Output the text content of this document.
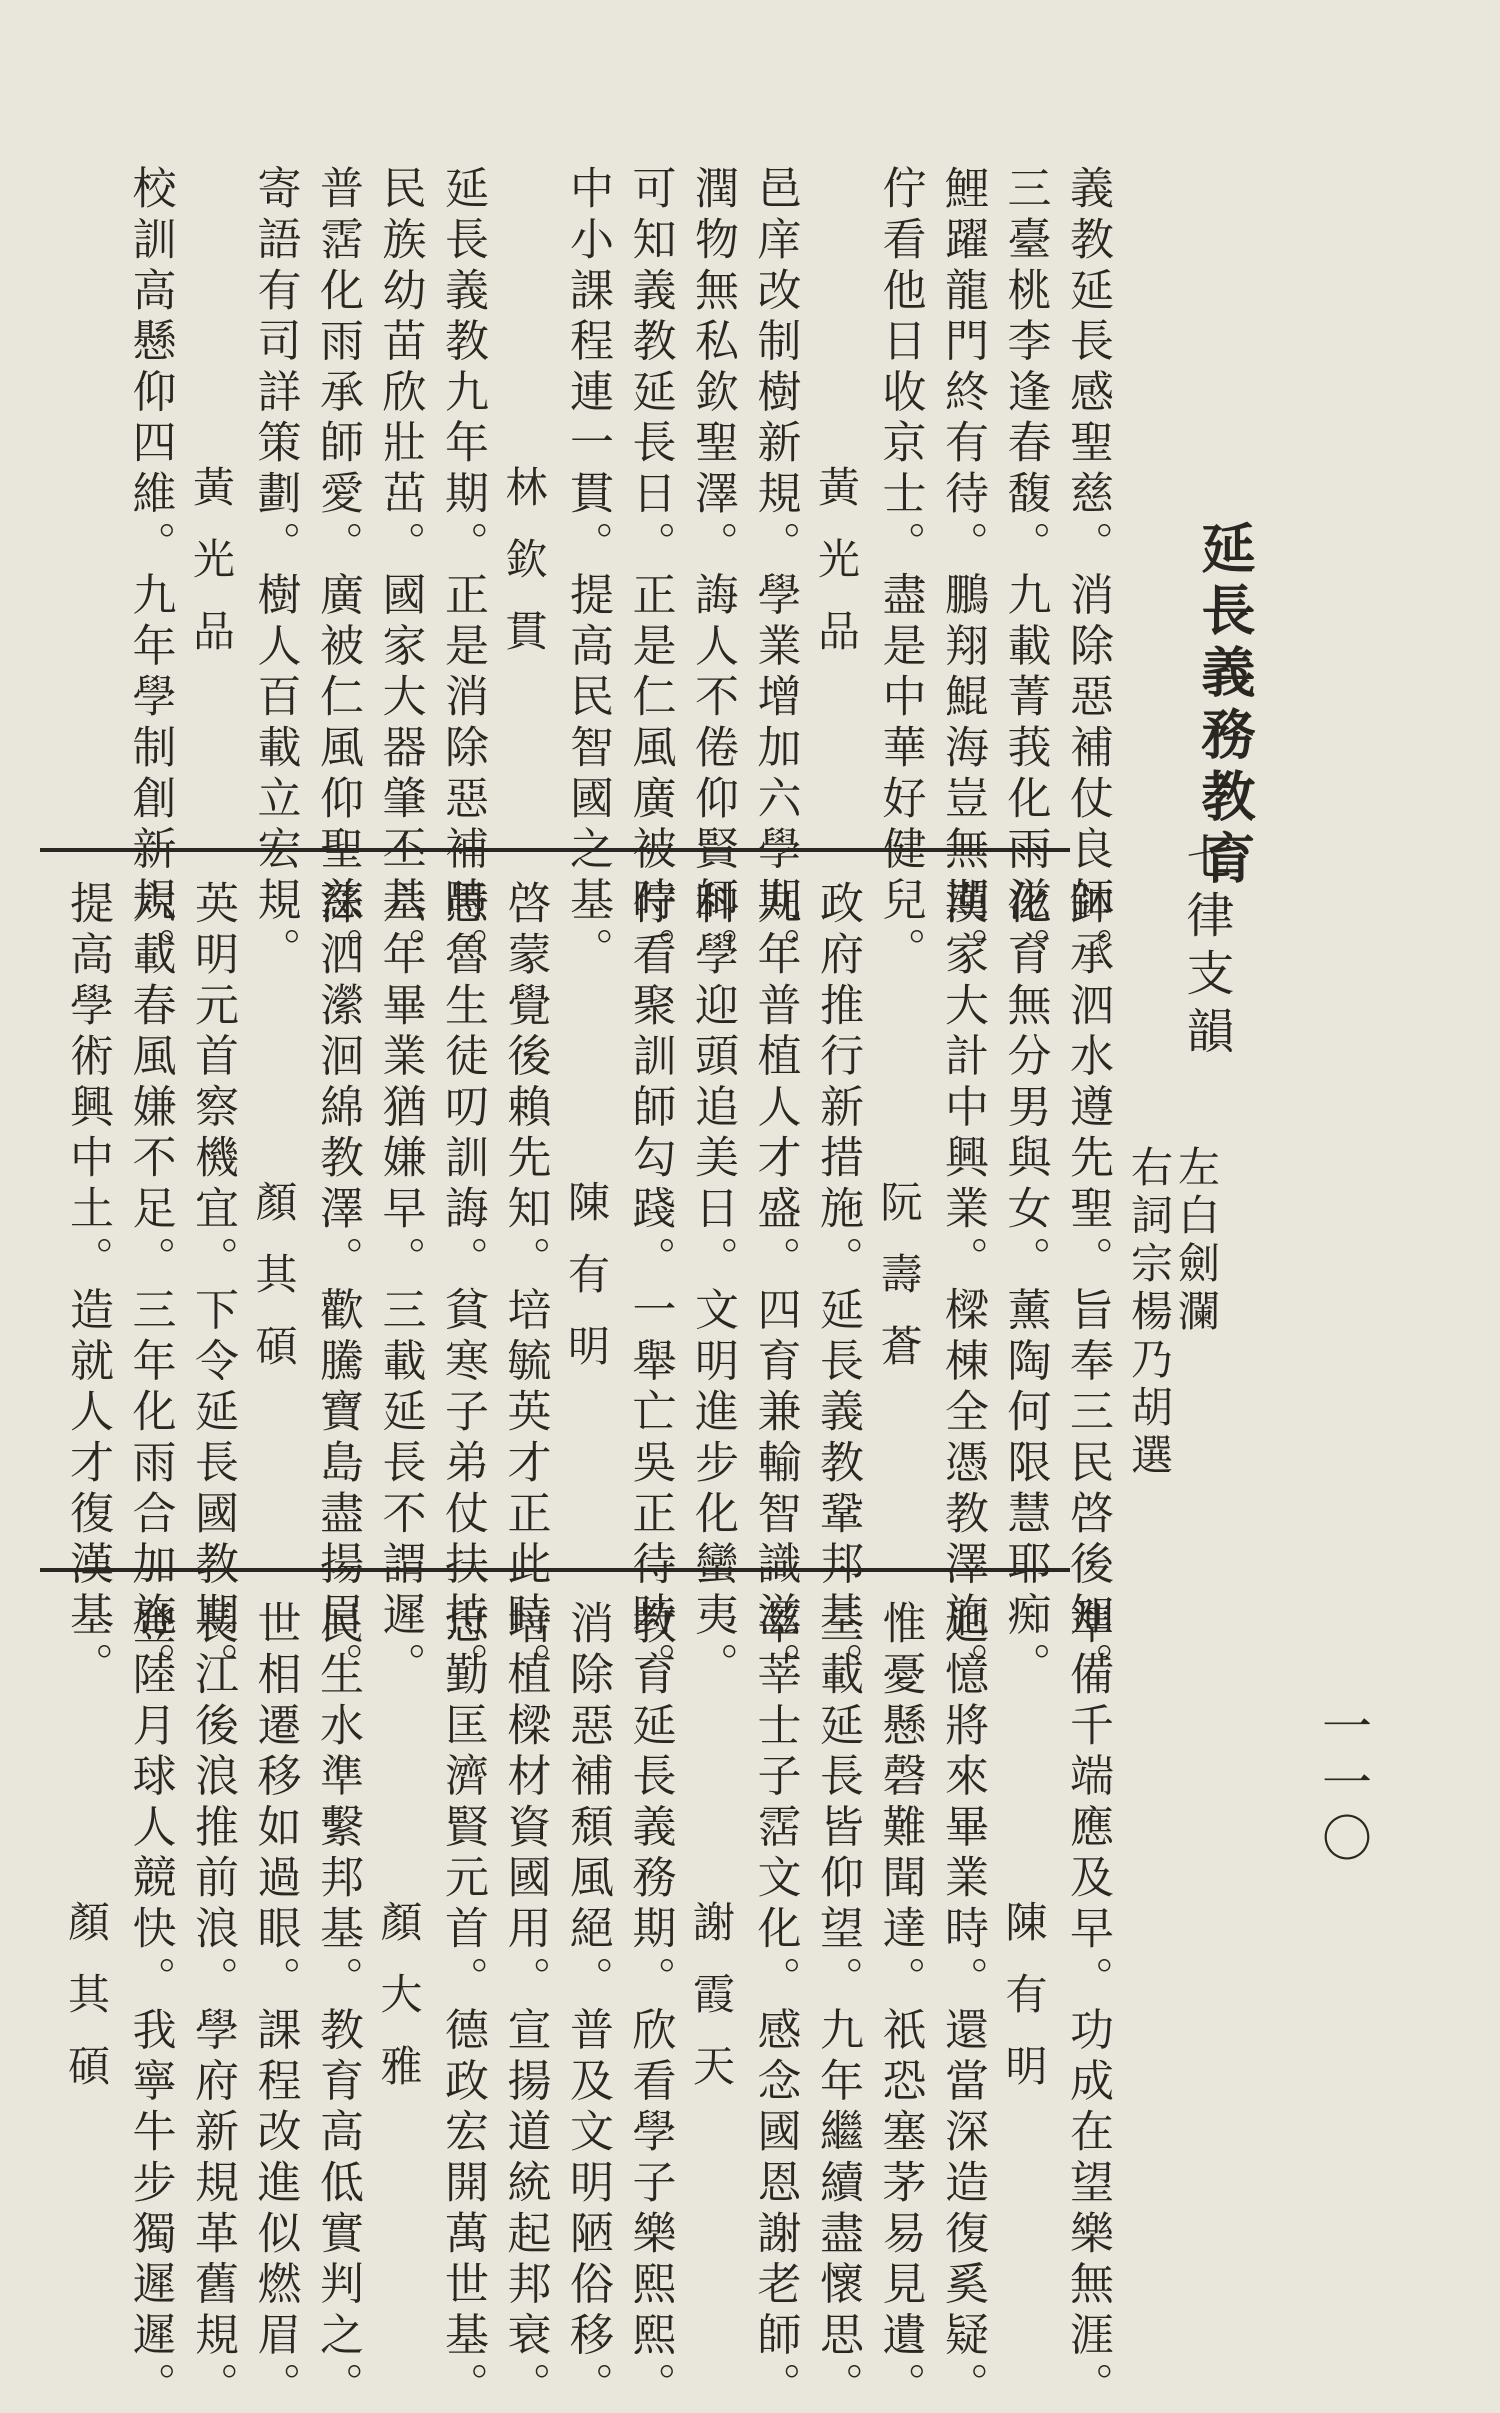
一一〇
延長義務教育
七律支韻
左白劍瀾
右詞宗楊乃胡選
義教延長感聖慈。消除惡補仗良師。
三臺桃李逢春馥。九載菁莪化雨滋。
鯉躍龍門終有待。鵬翔鯤海豈無期。
佇看他日收京士。盡是中華好健兒。
黃光品
邑庠改制樹新規。學業增加六學期。
潤物無私欽聖澤。誨人不倦仰賢師。
可知義教延長日。正是仁風廣被時。
中小課程連一貫。提高民智國之基。
林欽貫
延長義教九年期。正是消除惡補時。
民族幼苗欣壯茁。國家大器肇丕基。
普霑化雨承師愛。廣被仁風仰聖慈。
寄語有司詳策劃。樹人百載立宏規。
黃光品
校訓高懸仰四維。九年學制創新規。
鉢承泗水遵先聖。旨奉三民啓後知。
化育無分男與女。薰陶何限慧耶痴。
漢家大計中興業。樑棟全憑教澤施。
阮壽蒼
政府推行新措施。延長義教鞏邦基。
九年普植人才盛。四育兼輸智識滋。
科學迎頭追美日。文明進步化蠻夷。
佇看聚訓師勾踐。一舉亡吳正待時。
陳有明
啓蒙覺後賴先知。培毓英才正此時。
愚魯生徒叨訓誨。貧寒子弟仗扶持。
六年畢業猶嫌早。三載延長不謂遲。
洙泗瀠洄綿教澤。歡騰寶島盡揚眉。
顏其碩
英明元首察機宜。下令延長國教期。
六載春風嫌不足。三年化雨合加施。
提高學術興中土。造就人才復漢基。
準備千端應及早。功成在望樂無涯。
陳有明
迴憶將來畢業時。還當深造復奚疑。
惟憂懸磬難聞達。祇恐塞茅易見遺。
三載延長皆仰望。九年繼續盡懷思。
莘莘士子霑文化。感念國恩謝老師。
謝霞天
教育延長義務期。欣看學子樂熙熙。
消除惡補頹風絕。普及文明陋俗移。
培植樑材資國用。宣揚道統起邦衰。
忠勤匡濟賢元首。德政宏開萬世基。
顏大雅
民生水準繫邦基。教育高低實判之。
世相遷移如過眼。課程改進似燃眉。
長江後浪推前浪。學府新規革舊規。
登陸月球人競快。我寧牛步獨遲遲。
顏其碩
